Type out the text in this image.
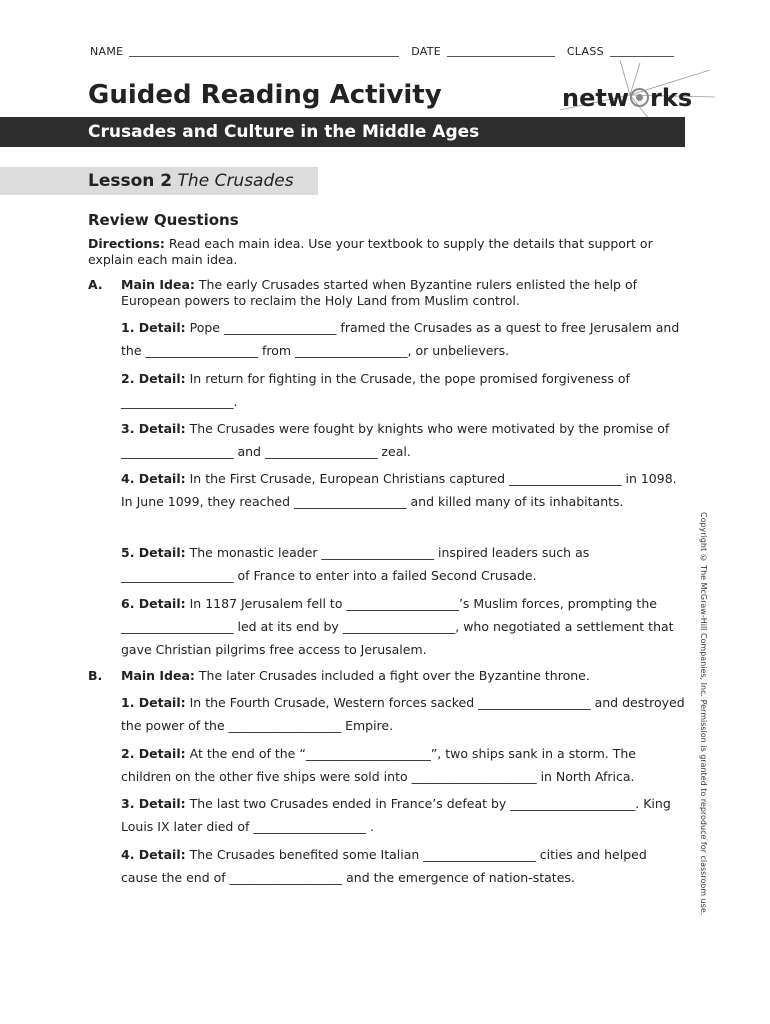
NAME	DATE	CLASS
Guided Reading Activity	netw rks
Crusades and Culture in the Middle Ages
Lesson 2 The Crusades
Review Questions
Directions: Read each main idea. Use your textbook to supply the details that support or explain each main idea.
A. Main Idea: The early Crusades started when Byzantine rulers enlisted the help of European powers to reclaim the Holy Land from Muslim control.
1. Detail: Pope __________________ framed the Crusades as a quest to free Jerusalem and the __________________ from __________________, or unbelievers.
2. Detail: In return for fighting in the Crusade, the pope promised forgiveness of __________________.
3. Detail: The Crusades were fought by knights who were motivated by the promise of __________________ and __________________ zeal.
4. Detail: In the First Crusade, European Christians captured __________________ in 1098. In June 1099, they reached __________________ and killed many of its inhabitants.
5. Detail: The monastic leader __________________ inspired leaders such as __________________ of France to enter into a failed Second Crusade.
6. Detail: In 1187 Jerusalem fell to __________________’s Muslim forces, prompting the __________________ led at its end by __________________, who negotiated a settlement that gave Christian pilgrims free access to Jerusalem.
B. Main Idea: The later Crusades included a fight over the Byzantine throne.
1. Detail: In the Fourth Crusade, Western forces sacked __________________ and destroyed the power of the __________________ Empire.
2. Detail: At the end of the “____________________”, two ships sank in a storm. The children on the other five ships were sold into ____________________ in North Africa.
3. Detail: The last two Crusades ended in France’s defeat by ____________________. King Louis IX later died of __________________ .
4. Detail: The Crusades benefited some Italian __________________ cities and helped cause the end of __________________ and the emergence of nation-states.	Copyright © The McGraw-Hill Companies, Inc. Permission is granted to reproduce for classroom use.
